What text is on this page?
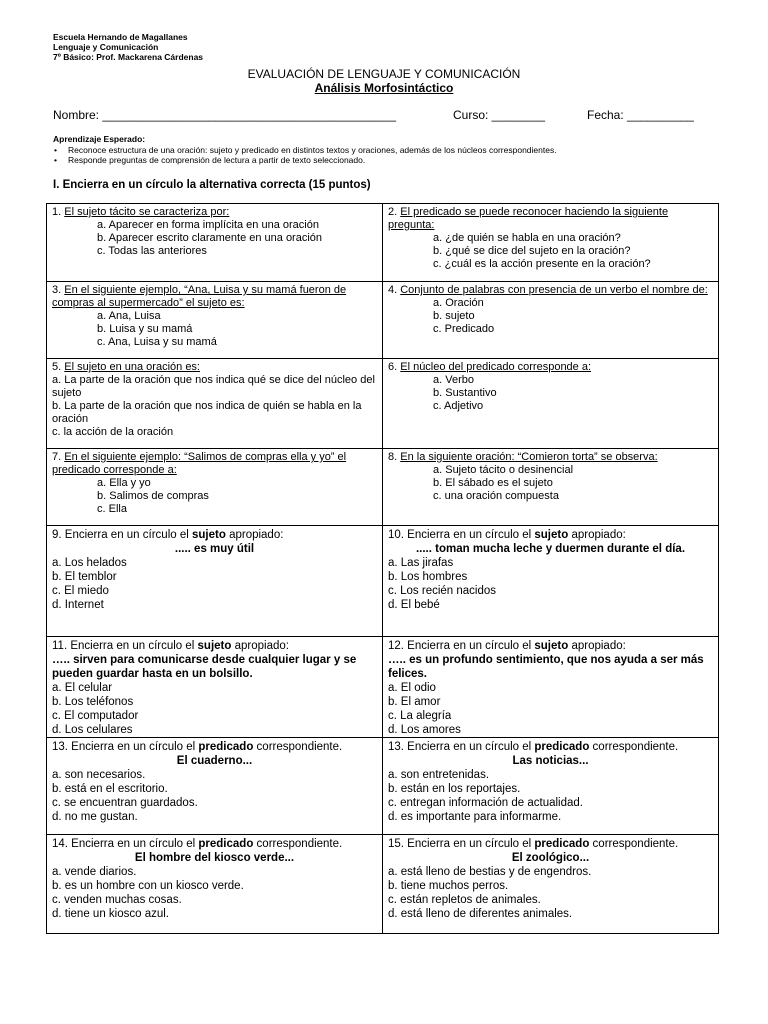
Escuela Hernando de Magallanes
Lenguaje y Comunicación
7º Básico: Prof. Mackarena Cárdenas
EVALUACIÓN DE LENGUAJE Y COMUNICACIÓN
Análisis Morfosintáctico
Nombre: ____________________________________________	Curso: ________	Fecha: __________
Aprendizaje Esperado:
• Reconoce estructura de una oración: sujeto y predicado en distintos textos y oraciones, además de los núcleos correspondientes.
• Responde preguntas de comprensión de lectura a partir de texto seleccionado.
I. Encierra en un círculo la alternativa correcta (15 puntos)
1. El sujeto tácito se caracteriza por:
a. Aparecer en forma implícita en una oración
b. Aparecer escrito claramente en una oración
c. Todas las anteriores
2. El predicado se puede reconocer haciendo la siguiente pregunta:
a. ¿de quién se habla en una oración?
b. ¿qué se dice del sujeto en la oración?
c. ¿cuál es la acción presente en la oración?
3. En el siguiente ejemplo, “Ana, Luisa y su mamá fueron de compras al supermercado” el sujeto es:
a. Ana, Luisa
b. Luisa y su mamá
c. Ana, Luisa y su mamá
4. Conjunto de palabras con presencia de un verbo el nombre de:
a. Oración
b. sujeto
c. Predicado
5. El sujeto en una oración es:
a. La parte de la oración que nos indica qué se dice del núcleo del sujeto
b. La parte de la oración que nos indica de quién se habla en la oración
c. la acción de la oración
6. El núcleo del predicado corresponde a:
a. Verbo
b. Sustantivo
c. Adjetivo
7. En el siguiente ejemplo: “Salimos de compras ella y yo” el predicado corresponde a:
a. Ella y yo
b. Salimos de compras
c. Ella
8. En la siguiente oración: “Comieron torta” se observa:
a. Sujeto tácito o desinencial
b. El sábado es el sujeto
c. una oración compuesta
9. Encierra en un círculo el sujeto apropiado:
..... es muy útil
a. Los helados
b. El temblor
c. El miedo
d. Internet
10. Encierra en un círculo el sujeto apropiado:
..... toman mucha leche y duermen durante el día.
a. Las jirafas
b. Los hombres
c. Los recién nacidos
d. El bebé
11. Encierra en un círculo el sujeto apropiado:
….. sirven para comunicarse desde cualquier lugar y se pueden guardar hasta en un bolsillo.
a. El celular
b. Los teléfonos
c. El computador
d. Los celulares
12. Encierra en un círculo el sujeto apropiado:
….. es un profundo sentimiento, que nos ayuda a ser más felices.
a. El odio
b. El amor
c. La alegría
d. Los amores
13. Encierra en un círculo el predicado correspondiente.
El cuaderno...
a. son necesarios.
b. está en el escritorio.
c. se encuentran guardados.
d. no me gustan.
13. Encierra en un círculo el predicado correspondiente.
Las noticias...
a. son entretenidas.
b. están en los reportajes.
c. entregan información de actualidad.
d. es importante para informarme.
14. Encierra en un círculo el predicado correspondiente.
El hombre del kiosco verde...
a. vende diarios.
b. es un hombre con un kiosco verde.
c. venden muchas cosas.
d. tiene un kiosco azul.
15. Encierra en un círculo el predicado correspondiente.
El zoológico...
a. está lleno de bestias y de engendros.
b. tiene muchos perros.
c. están repletos de animales.
d. está lleno de diferentes animales.
